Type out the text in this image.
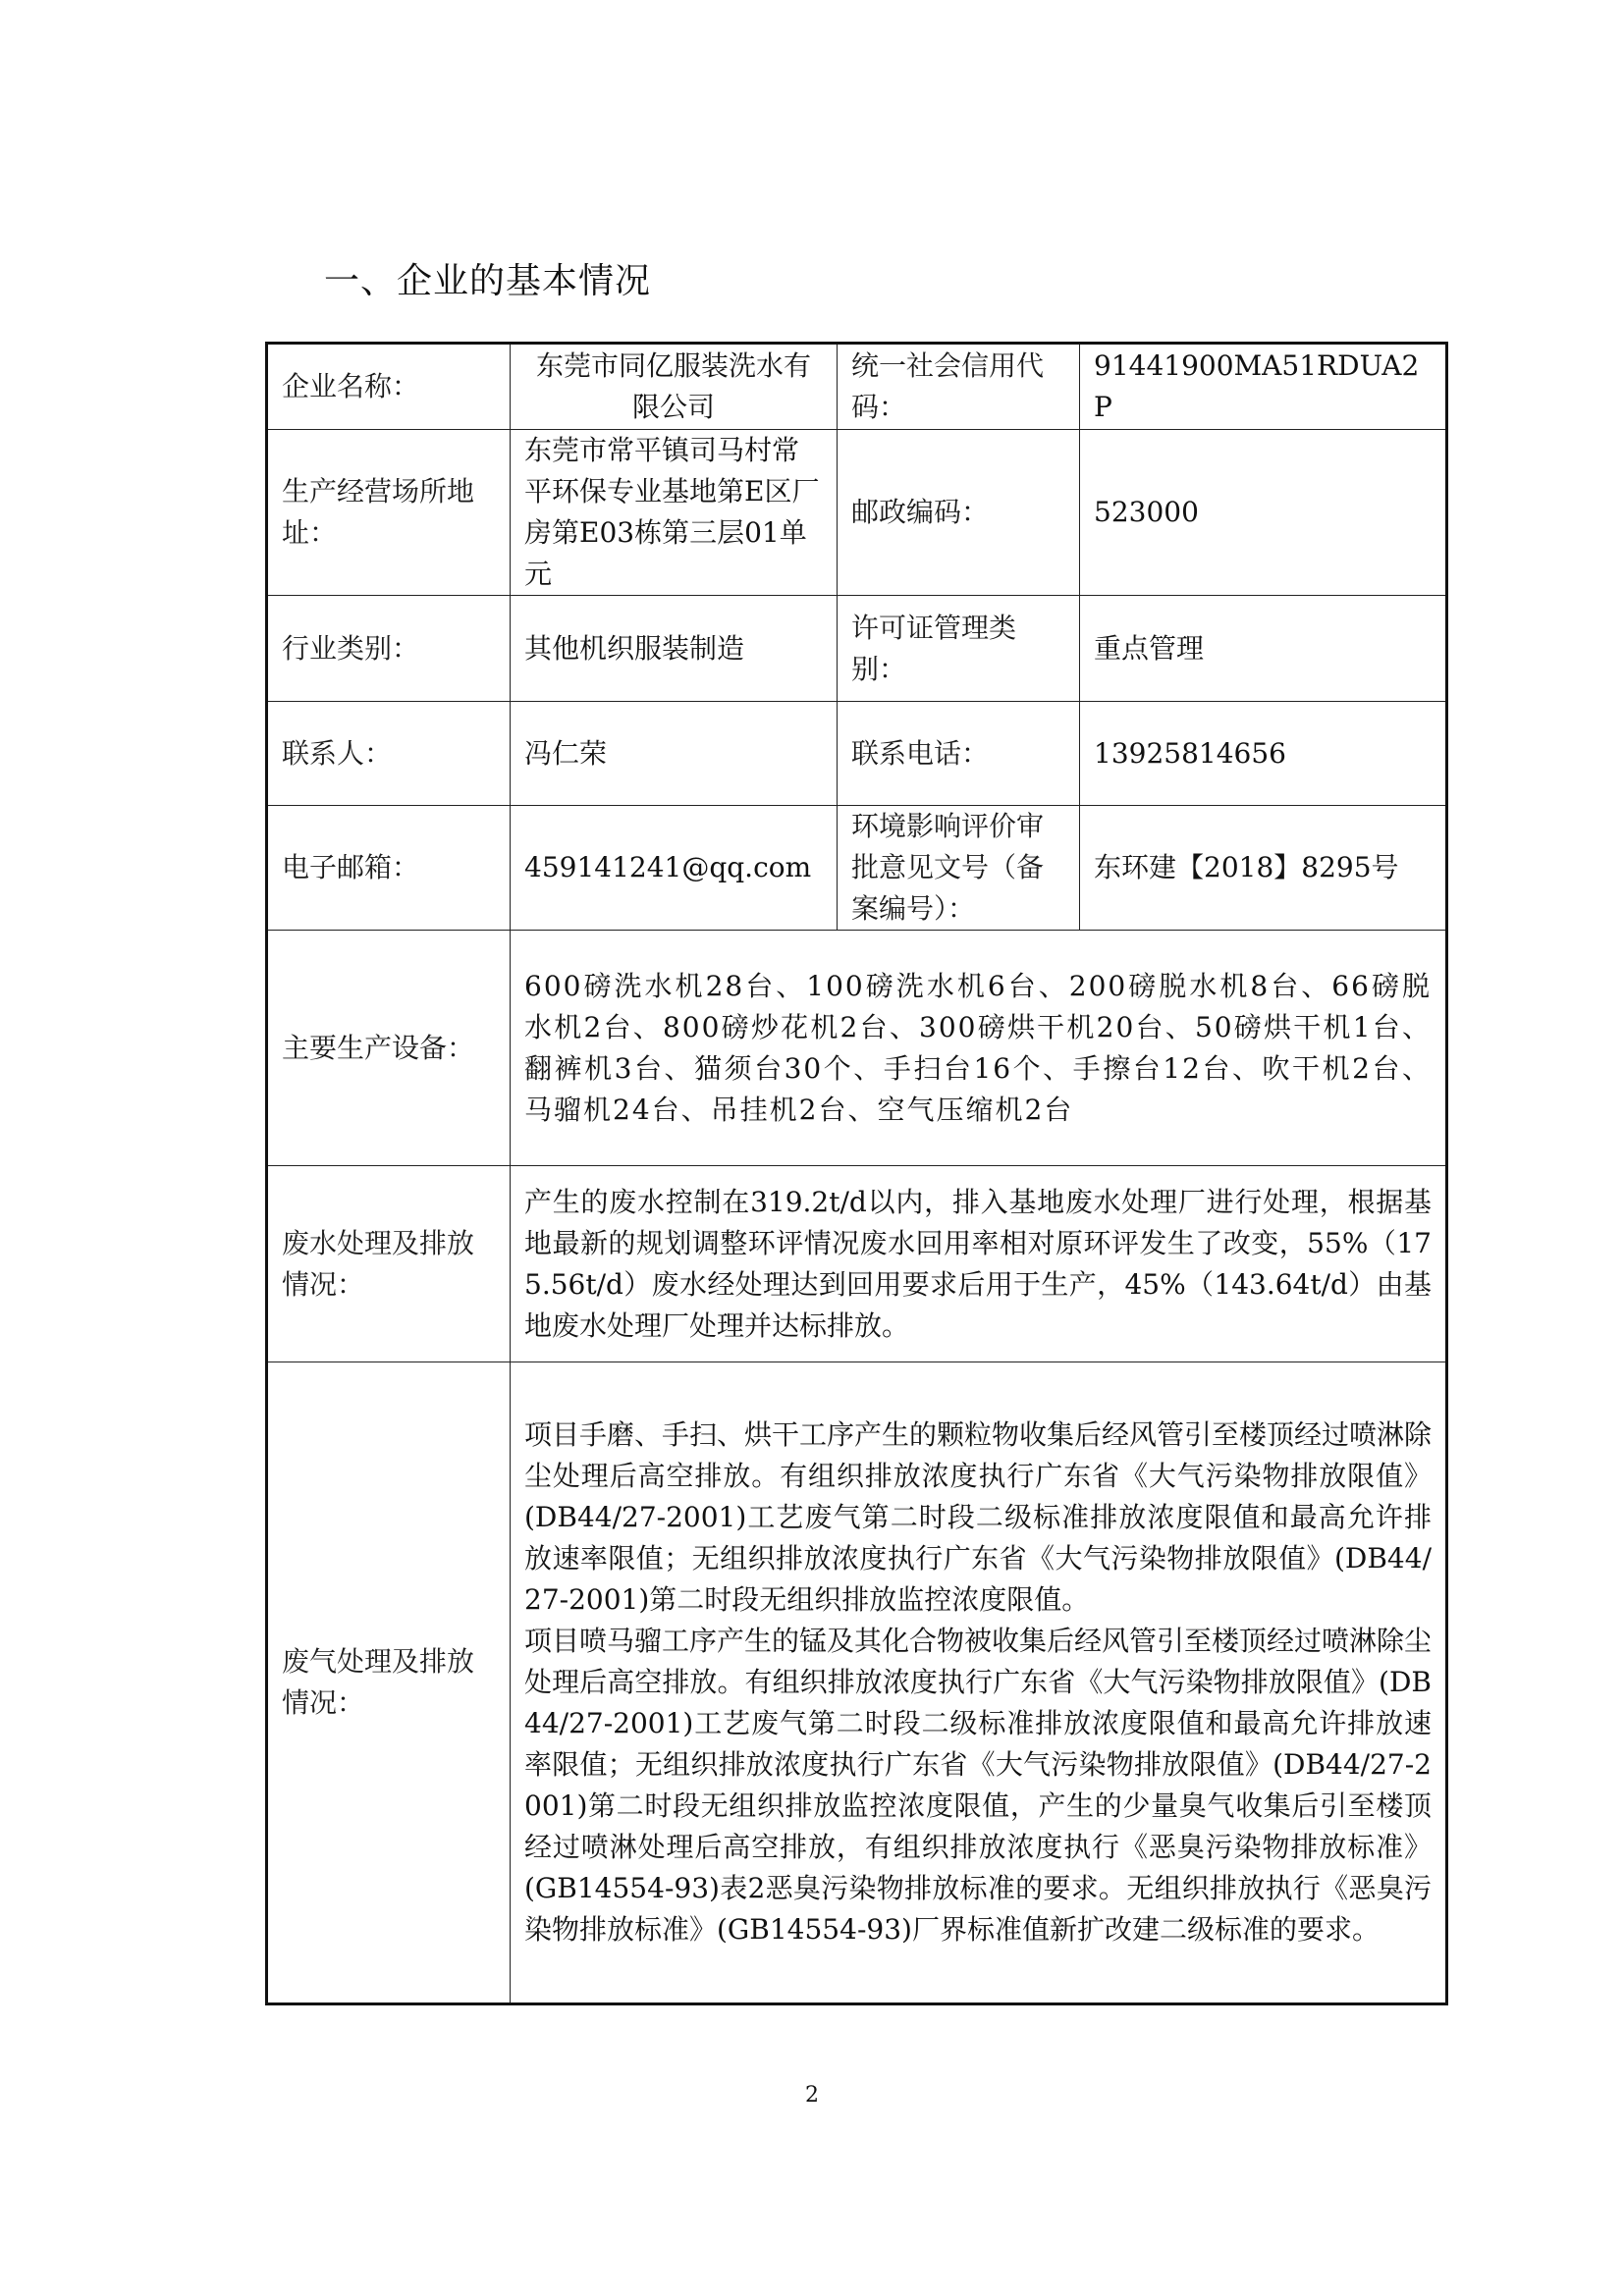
一、企业的基本情况
企业名称：	东莞市同亿服装洗水有限公司	统一社会信用代码：	91441900MA51RDUA2P
生产经营场所地址：	东莞市常平镇司马村常平环保专业基地第E区厂房第E03栋第三层01单元	邮政编码：	523000
行业类别：	其他机织服装制造	许可证管理类别：	重点管理
联系人：	冯仁荣	联系电话：	13925814656
电子邮箱：	459141241@qq.com	环境影响评价审批意见文号（备案编号）：	东环建【2018】8295号
主要生产设备：	600磅洗水机28台、100磅洗水机6台、200磅脱水机8台、66磅脱 水机2台、800磅炒花机2台、300磅烘干机20台、50磅烘干机1台、翻裤机3台、猫须台30个、手扫台16个、手擦台12台、吹干机2台、马骝机24台、吊挂机2台、空气压缩机2台		
废水处理及排放情况：	产生的废水控制在319.2t/d以内，排入基地废水处理厂进行处理，根据基地最新的规划调整环评情况废水回用率相对原环评发生了改变，55%（175.56t/d）废水经处理达到回用要求后用于生产，45%（143.64t/d）由基地废水处理厂处理并达标排放。		
废气处理及排放情况：	项目手磨、手扫、烘干工序产生的颗粒物收集后经风管引至楼顶经过喷淋除尘处理后高空排放。有组织排放浓度执行广东省《大气污染物排放限值》(DB44/27-2001)工艺废气第二时段二级标准排放浓度限值和最高允许排放速率限值；无组织排放浓度执行广东省《大气污染物排放限值》(DB44/27-2001)第二时段无组织排放监控浓度限值。

项目喷马骝工序产生的锰及其化合物被收集后经风管引至楼顶经过喷淋除尘处理后高空排放。有组织排放浓度执行广东省《大气污染物排放限值》(DB44/27-2001)工艺废气第二时段二级标准排放浓度限值和最高允许排放速率限值；无组织排放浓度执行广东省《大气污染物排放限值》(DB44/27-2001)第二时段无组织排放监控浓度限值，产生的少量臭气收集后引至楼顶经过喷淋处理后高空排放，有组织排放浓度执行《恶臭污染物排放标准》(GB14554-93)表2恶臭污染物排放标准的要求。无组织排放执行《恶臭污染物排放标准》(GB14554-93)厂界标准值新扩改建二级标准的要求。		

2
